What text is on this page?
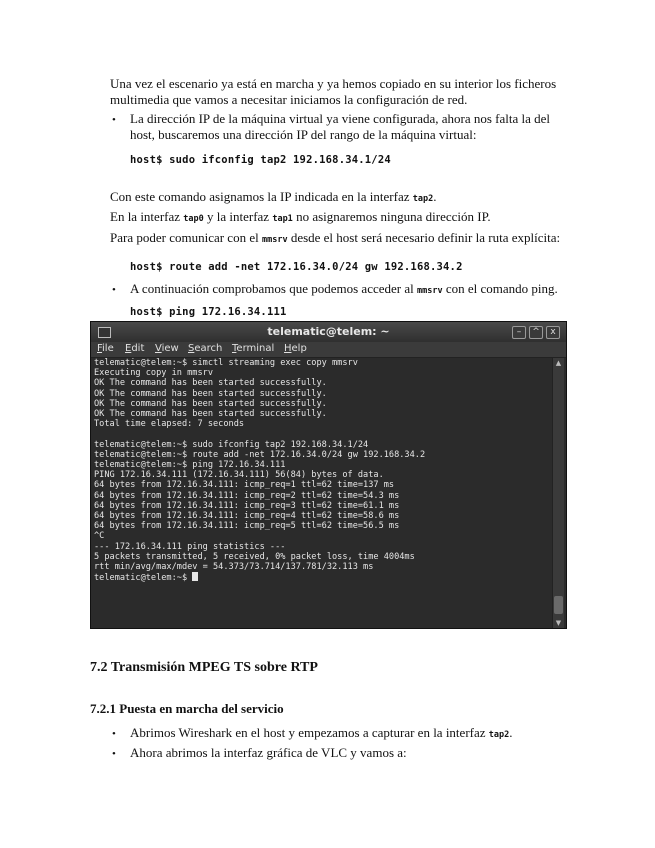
Una vez el escenario ya está en marcha y ya hemos copiado en su interior los ficheros multimedia que vamos a necesitar iniciamos la configuración de red.
• La dirección IP de la máquina virtual ya viene configurada, ahora nos falta la del host, buscaremos una dirección IP del rango de la máquina virtual:
host$ sudo ifconfig tap2 192.168.34.1/24
Con este comando asignamos la IP indicada en la interfaz tap2.
En la interfaz tap0 y la interfaz tap1 no asignaremos ninguna dirección IP.
Para poder comunicar con el mmsrv desde el host será necesario definir la ruta explícita:
host$ route add -net 172.16.34.0/24 gw 192.168.34.2
• A continuación comprobamos que podemos acceder al mmsrv con el comando ping.
host$ ping 172.16.34.111
telematic@telem: ~	–	^	x
File Edit View Search Terminal Help
telematic@telem:~$ simctl streaming exec copy mmsrv
Executing copy in mmsrv
OK The command has been started successfully.
OK The command has been started successfully.
OK The command has been started successfully.
OK The command has been started successfully.
Total time elapsed: 7 seconds

telematic@telem:~$ sudo ifconfig tap2 192.168.34.1/24
telematic@telem:~$ route add -net 172.16.34.0/24 gw 192.168.34.2
telematic@telem:~$ ping 172.16.34.111
PING 172.16.34.111 (172.16.34.111) 56(84) bytes of data.
64 bytes from 172.16.34.111: icmp_req=1 ttl=62 time=137 ms
64 bytes from 172.16.34.111: icmp_req=2 ttl=62 time=54.3 ms
64 bytes from 172.16.34.111: icmp_req=3 ttl=62 time=61.1 ms
64 bytes from 172.16.34.111: icmp_req=4 ttl=62 time=58.6 ms
64 bytes from 172.16.34.111: icmp_req=5 ttl=62 time=56.5 ms
^C
--- 172.16.34.111 ping statistics ---
5 packets transmitted, 5 received, 0% packet loss, time 4004ms
rtt min/avg/max/mdev = 54.373/73.714/137.781/32.113 ms
telematic@telem:~$
▲
▼
7.2 Transmisión MPEG TS sobre RTP
7.2.1 Puesta en marcha del servicio
• Abrimos Wireshark en el host y empezamos a capturar en la interfaz tap2.
• Ahora abrimos la interfaz gráfica de VLC y vamos a:
